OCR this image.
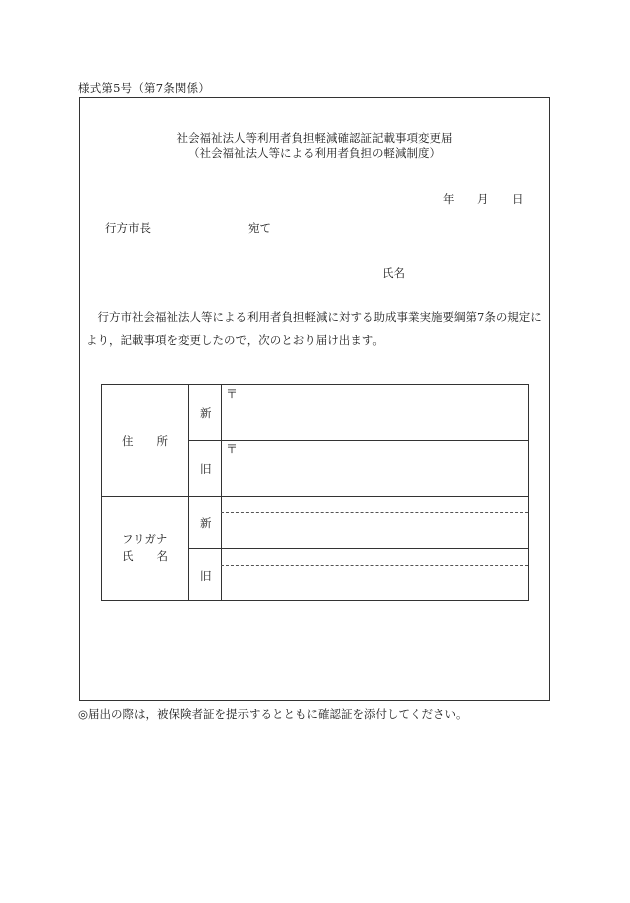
様式第5号（第7条関係）
社会福祉法人等利用者負担軽減確認証記載事項変更届
（社会福祉法人等による利用者負担の軽減制度）
年 月 日
行方市長	宛て
氏名

行方市社会福祉法人等による利用者負担軽減に対する助成事業実施要綱第7条の規定に

より，記載事項を変更したので，次のとおり届け出ます。
住　　所
新
旧
〒
〒
フリガナ
氏　　名
新
旧
◎届出の際は，被保険者証を提示するとともに確認証を添付してください。
